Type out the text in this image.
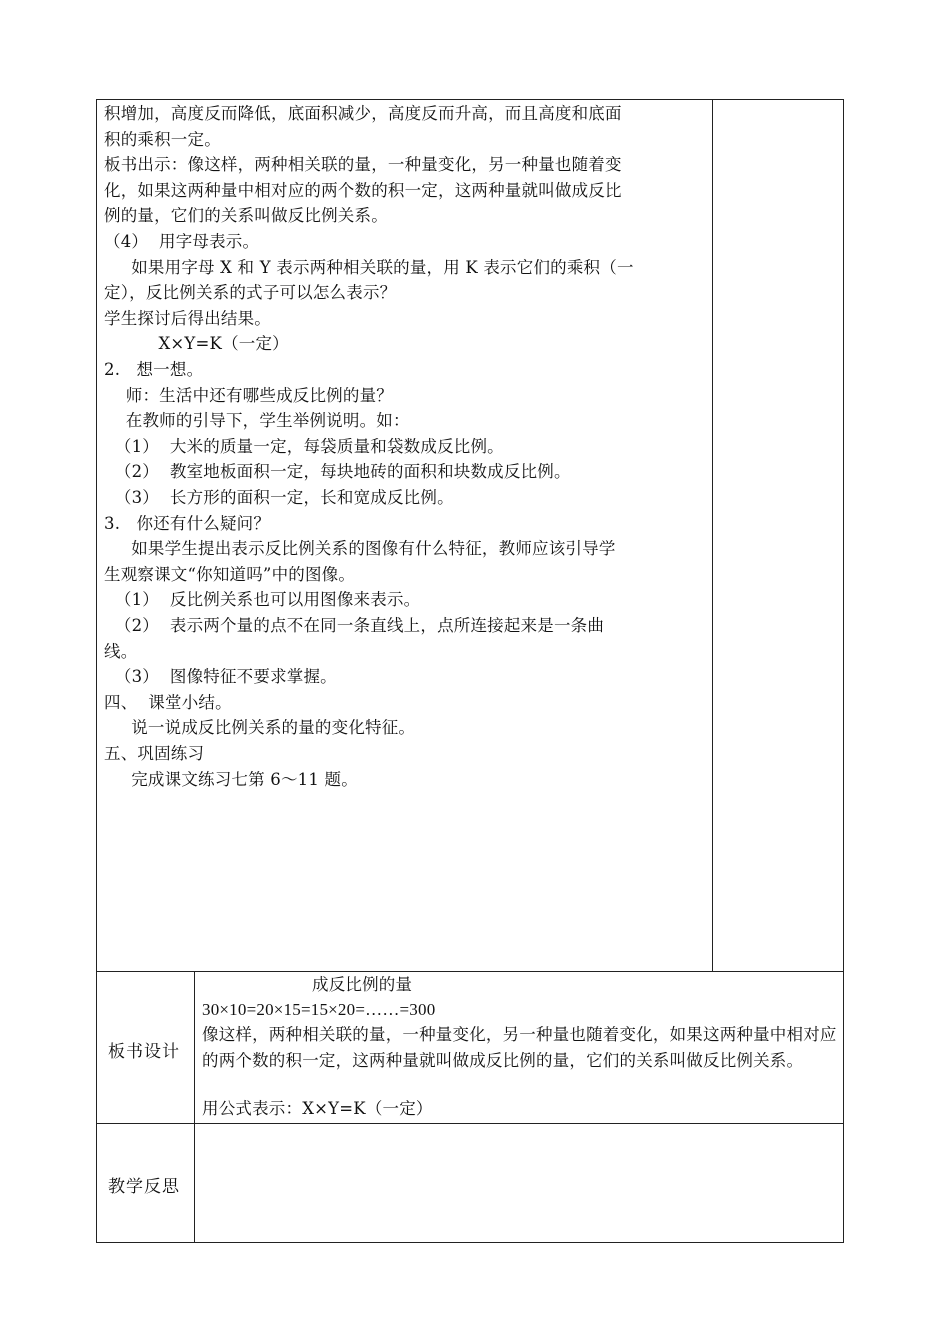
积增加，高度反而降低，底面积减少，高度反而升高，而且高度和底面
积的乘积一定。
板书出示：像这样，两种相关联的量，一种量变化，另一种量也随着变
化，如果这两种量中相对应的两个数的积一定，这两种量就叫做成反比
例的量，它们的关系叫做反比例关系。
（4）  用字母表示。
如果用字母 X 和 Y 表示两种相关联的量，用 K 表示它们的乘积（一
定），反比例关系的式子可以怎么表示？
学生探讨后得出结果。
X×Y=K（一定）
2.   想一想。
师：生活中还有哪些成反比例的量？
在教师的引导下，学生举例说明。如：
（1）  大米的质量一定，每袋质量和袋数成反比例。
（2）  教室地板面积一定，每块地砖的面积和块数成反比例。
（3）  长方形的面积一定，长和宽成反比例。
3.   你还有什么疑问？
如果学生提出表示反比例关系的图像有什么特征，教师应该引导学
生观察课文“你知道吗”中的图像。
（1）  反比例关系也可以用图像来表示。
（2）  表示两个量的点不在同一条直线上，点所连接起来是一条曲
线。
（3）  图像特征不要求掌握。
四、  课堂小结。
说一说成反比例关系的量的变化特征。
五、巩固练习
完成课文练习七第 6～11 题。
板书设计
成反比例的量
30×10=20×15=15×20=……=300
像这样，两种相关联的量，一种量变化，另一种量也随着变化，如果这两种量中相对应的两个数的积一定，这两种量就叫做成反比例的量，它们的关系叫做反比例关系。
用公式表示：X×Y=K（一定）
教学反思
